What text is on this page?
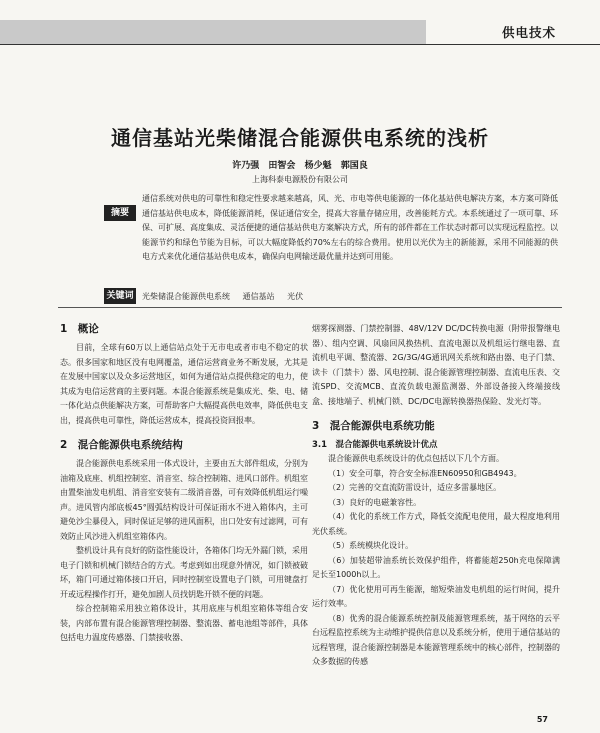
供电技术
通信基站光柴储混合能源供电系统的浅析
许乃强 田智会 杨少魁 郭国良
上海科泰电源股份有限公司
摘要
通信系统对供电的可靠性和稳定性要求越来越高，风、光、市电等供电能源的一体化基站供电解决方案，本方案可降低通信基站供电成本，降低能源消耗，保证通信安全，提高大容量存储应用，改善能耗方式。本系统通过了一项可靠、环保、可扩展、高度集成、灵活便捷的通信基站供电方案解决方式，所有的部件都在工作状态时都可以实现远程监控。以能源节约和绿色节能为目标，可以大幅度降低约70%左右的综合费用。使用以光伏为主的新能源，采用不同能源的供电方式来优化通信基站供电成本，确保向电网输送最优量并达到可用能。
关键词	光柴储混合能源供电系统 通信基站 光伏
1　概论

目前，全球有60万以上通信站点处于无市电或者市电不稳定的状态。很多国家和地区没有电网覆盖，通信运营商业务不断发展，尤其是在发展中国家以及众多运营地区，如何为通信站点提供稳定的电力，使其成为电信运营商的主要问题。本混合能源系统是集成光、柴、电、储一体化站点供能解决方案，可帮助客户大幅提高供电效率，降低供电支出，提高供电可靠性，降低运营成本，提高投资回报率。

2　混合能源供电系统结构

混合能源供电系统采用一体式设计，主要由五大部件组成，分别为油箱及底座、机组控制室、消音室、综合控制箱、进风口部件。机组室由置柴油发电机组、消音室安装有二级消音器，可有效降低机组运行噪声。进风管内部底板45°圆弧结构设计可保证雨水不进入箱体内，主可避免沙尘暴侵入，同时保证足够的进风面积，出口处安有过滤网，可有效防止风沙进入机组室箱体内。

整机设计具有良好的防盗性能设计，各箱体门均无外漏门锁，采用电子门锁和机械门锁结合的方式。考虑到如出现意外情况，如门锁被破坏，箱门可通过箱体接口开启，同时控制室设置电子门锁，可用键盘打开或远程操作打开，避免加剧人员找钥匙开锁不便的问题。

综合控制箱采用独立箱体设计，其用底座与机组室箱体等组合安装，内部布置有混合能源管理控制器、整流器、蓄电池组等部件，具体包括电力温度传感器、门禁接收器、

烟雾探测器、门禁控制器、48V/12V DC/DC转换电源（附带报警继电器）、组内空调、风扇回风换热机、直流电源以及机组运行继电器、直流机电平调、整流器、2G/3G/4G通讯网关系统和路由器、电子门禁、读卡（门禁卡）器、风电控制、混合能源管理控制器、直流电压表、交流SPD、交流MCB、直流负载电源监测器、外部设备接入终端接线盒、接地端子、机械门锁、DC/DC电源转换器热保险、发光灯等。

3　混合能源供电系统功能
3.1　混合能源供电系统设计优点

混合能源供电系统设计的优点包括以下几个方面。

（1）安全可靠，符合安全标准EN60950和GB4943。

（2）完善的交直流防雷设计，适应多雷暴地区。

（3）良好的电磁兼容性。

（4）优化的系统工作方式，降低交流配电使用，最大程度地利用光伏系统。

（5）系统模块化设计。

（6）加装超带油系统长效保护组件，将蓄能超250h充电保障满足长至1000h以上。

（7）优化使用可再生能源，缩短柴油发电机组的运行时间，提升运行效率。

（8）优秀的混合能源系统控制及能源管理系统，基于网络的云平台远程监控系统为主动维护提供信息以及系统分析，使用于通信基站的远程管理，混合能源控制器是本能源管理系统中的核心部件，控制器的众多数据的传感

57
